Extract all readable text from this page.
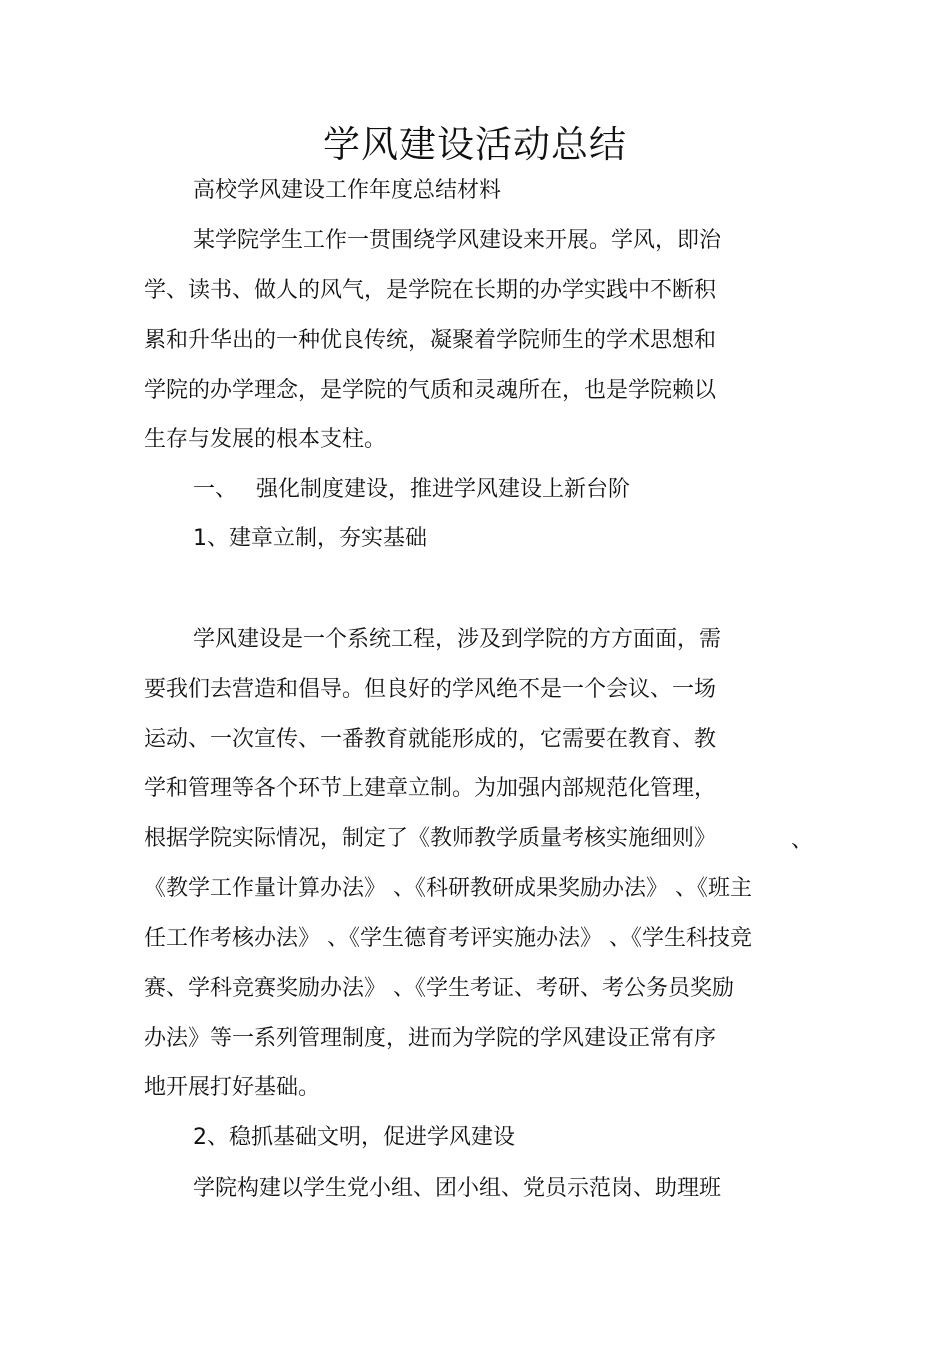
学风建设活动总结
高校学风建设工作年度总结材料
某学院学生工作一贯围绕学风建设来开展。学风，即治
学、读书、做人的风气，是学院在长期的办学实践中不断积
累和升华出的一种优良传统，凝聚着学院师生的学术思想和
学院的办学理念，是学院的气质和灵魂所在，也是学院赖以
生存与发展的根本支柱。
一、 强化制度建设，推进学风建设上新台阶
1、建章立制，夯实基础
学风建设是一个系统工程，涉及到学院的方方面面，需
要我们去营造和倡导。但良好的学风绝不是一个会议、一场
运动、一次宣传、一番教育就能形成的，它需要在教育、教
学和管理等各个环节上建章立制。为加强内部规范化管理，
根据学院实际情况，制定了《教师教学质量考核实施细则》	、
《教学工作量计算办法》 、《科研教研成果奖励办法》 、《班主
任工作考核办法》 、《学生德育考评实施办法》 、《学生科技竞
赛、学科竞赛奖励办法》 、《学生考证、考研、考公务员奖励
办法》等一系列管理制度，进而为学院的学风建设正常有序
地开展打好基础。
2、稳抓基础文明，促进学风建设
学院构建以学生党小组、团小组、党员示范岗、助理班
